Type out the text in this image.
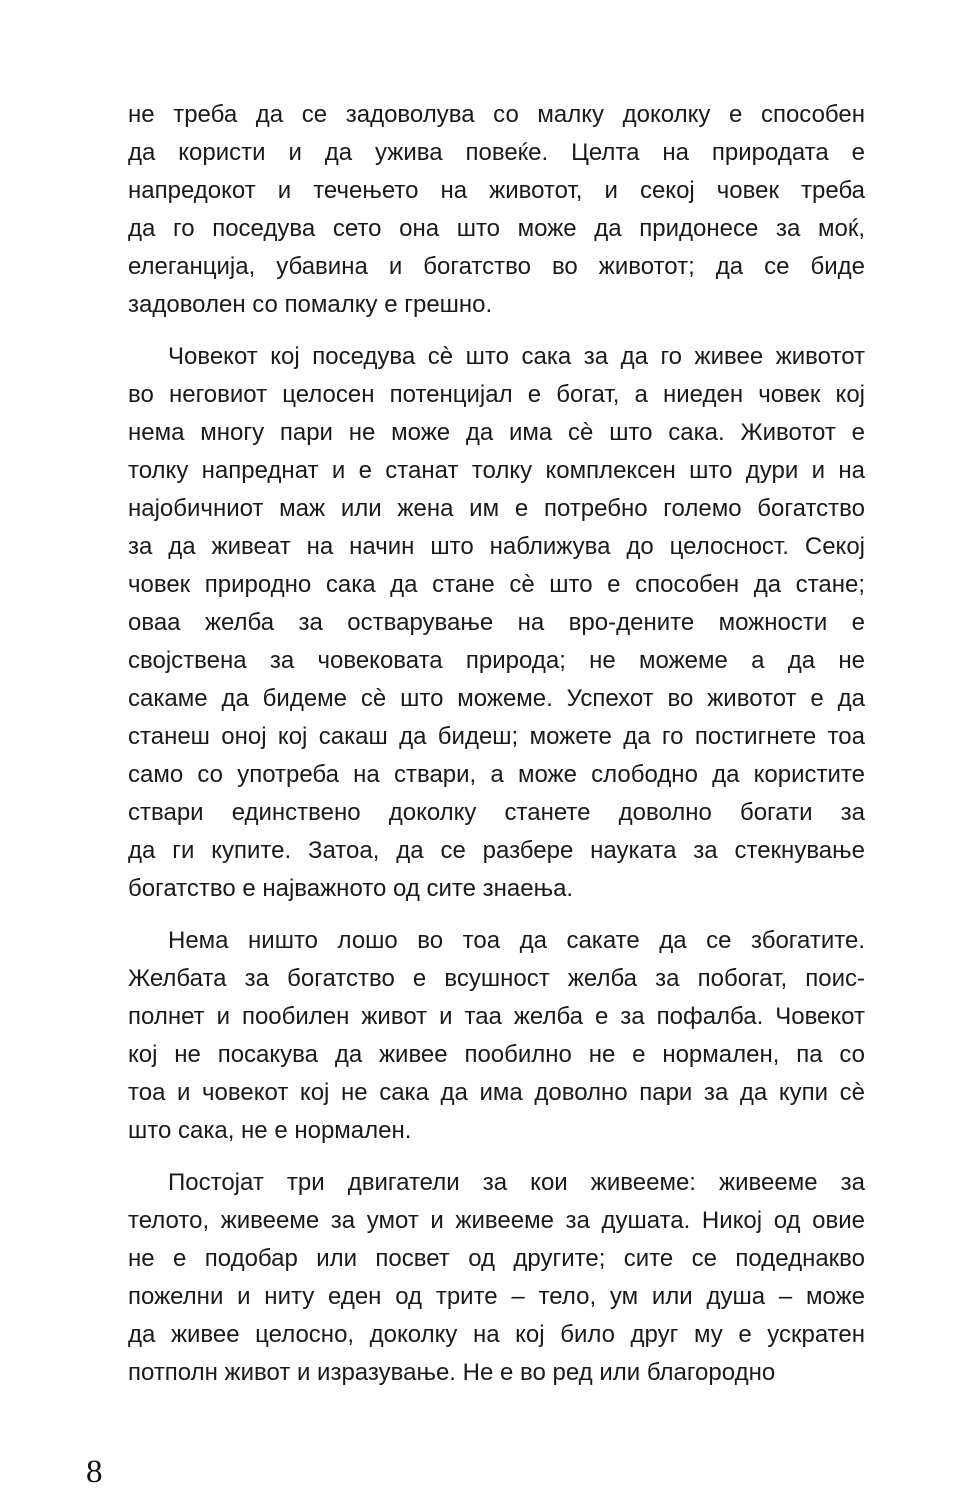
не треба да се задоволува со малку доколку е способен
да користи и да ужива повеќе. Целта на природата е
напредокот и течењето на животот, и секој човек треба
да го поседува сето она што може да придонесе за моќ,
елеганција, убавина и богатство во животот; да се биде
задоволен со помалку е грешно.
Човекот кој поседува сѐ што сака за да го живее животот
во неговиот целосен потенцијал е богат, а ниеден човек кој
нема многу пари не може да има сѐ што сака. Животот е
толку напреднат и е станат толку комплексен што дури и на
најобичниот маж или жена им е потребно големо богатство
за да живеат на начин што наближува до целосност. Секој
човек природно сака да стане сѐ што е способен да стане;
оваа желба за остварување на вро-дените можности е
својствена за човековата природа; не можеме а да не
сакаме да бидеме сѐ што можеме. Успехот во животот е да
станеш оној кој сакаш да бидеш; можете да го постигнете тоа
само со употреба на ствари, а може слободно да користите
ствари единствено доколку станете доволно богати за
да ги купите. Затоа, да се разбере науката за стекнување
богатство е најважното од сите знаења.
Нема ништо лошо во тоа да сакате да се збогатите.
Желбата за богатство е всушност желба за побогат, поис-
полнет и пообилен живот и таа желба е за пофалба. Човекот
кој не посакува да живее пообилно не е нормален, па со
тоа и човекот кој не сака да има доволно пари за да купи сѐ
што сака, не е нормален.
Постојат три двигатели за кои живееме: живееме за
телото, живееме за умот и живееме за душата. Никој од овие
не е подобар или посвет од другите; сите се подеднакво
пожелни и ниту еден од трите – тело, ум или душа – може
да живее целосно, доколку на кој било друг му е ускратен
потполн живот и изразување. Не е во ред или благородно
8
